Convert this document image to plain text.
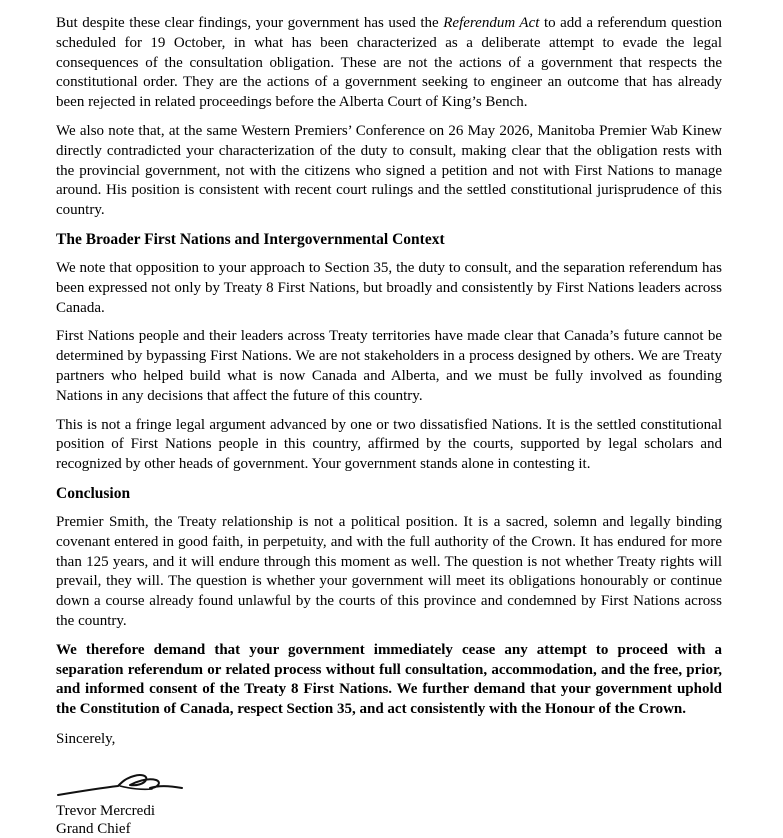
But despite these clear findings, your government has used the Referendum Act to add a referendum question scheduled for 19 October, in what has been characterized as a deliberate attempt to evade the legal consequences of the consultation obligation. These are not the actions of a government that respects the constitutional order. They are the actions of a government seeking to engineer an outcome that has already been rejected in related proceedings before the Alberta Court of King’s Bench.

We also note that, at the same Western Premiers’ Conference on 26 May 2026, Manitoba Premier Wab Kinew directly contradicted your characterization of the duty to consult, making clear that the obligation rests with the provincial government, not with the citizens who signed a petition and not with First Nations to manage around. His position is consistent with recent court rulings and the settled constitutional jurisprudence of this country.

The Broader First Nations and Intergovernmental Context

We note that opposition to your approach to Section 35, the duty to consult, and the separation referendum has been expressed not only by Treaty 8 First Nations, but broadly and consistently by First Nations leaders across Canada.

First Nations people and their leaders across Treaty territories have made clear that Canada’s future cannot be determined by bypassing First Nations. We are not stakeholders in a process designed by others. We are Treaty partners who helped build what is now Canada and Alberta, and we must be fully involved as founding Nations in any decisions that affect the future of this country.

This is not a fringe legal argument advanced by one or two dissatisfied Nations. It is the settled constitutional position of First Nations people in this country, affirmed by the courts, supported by legal scholars and recognized by other heads of government. Your government stands alone in contesting it.

Conclusion

Premier Smith, the Treaty relationship is not a political position. It is a sacred, solemn and legally binding covenant entered in good faith, in perpetuity, and with the full authority of the Crown. It has endured for more than 125 years, and it will endure through this moment as well. The question is not whether Treaty rights will prevail, they will. The question is whether your government will meet its obligations honourably or continue down a course already found unlawful by the courts of this province and condemned by First Nations across the country.

We therefore demand that your government immediately cease any attempt to proceed with a separation referendum or related process without full consultation, accommodation, and the free, prior, and informed consent of the Treaty 8 First Nations. We further demand that your government uphold the Constitution of Canada, respect Section 35, and act consistently with the Honour of the Crown.

Sincerely,

Trevor Mercredi

Grand Chief
